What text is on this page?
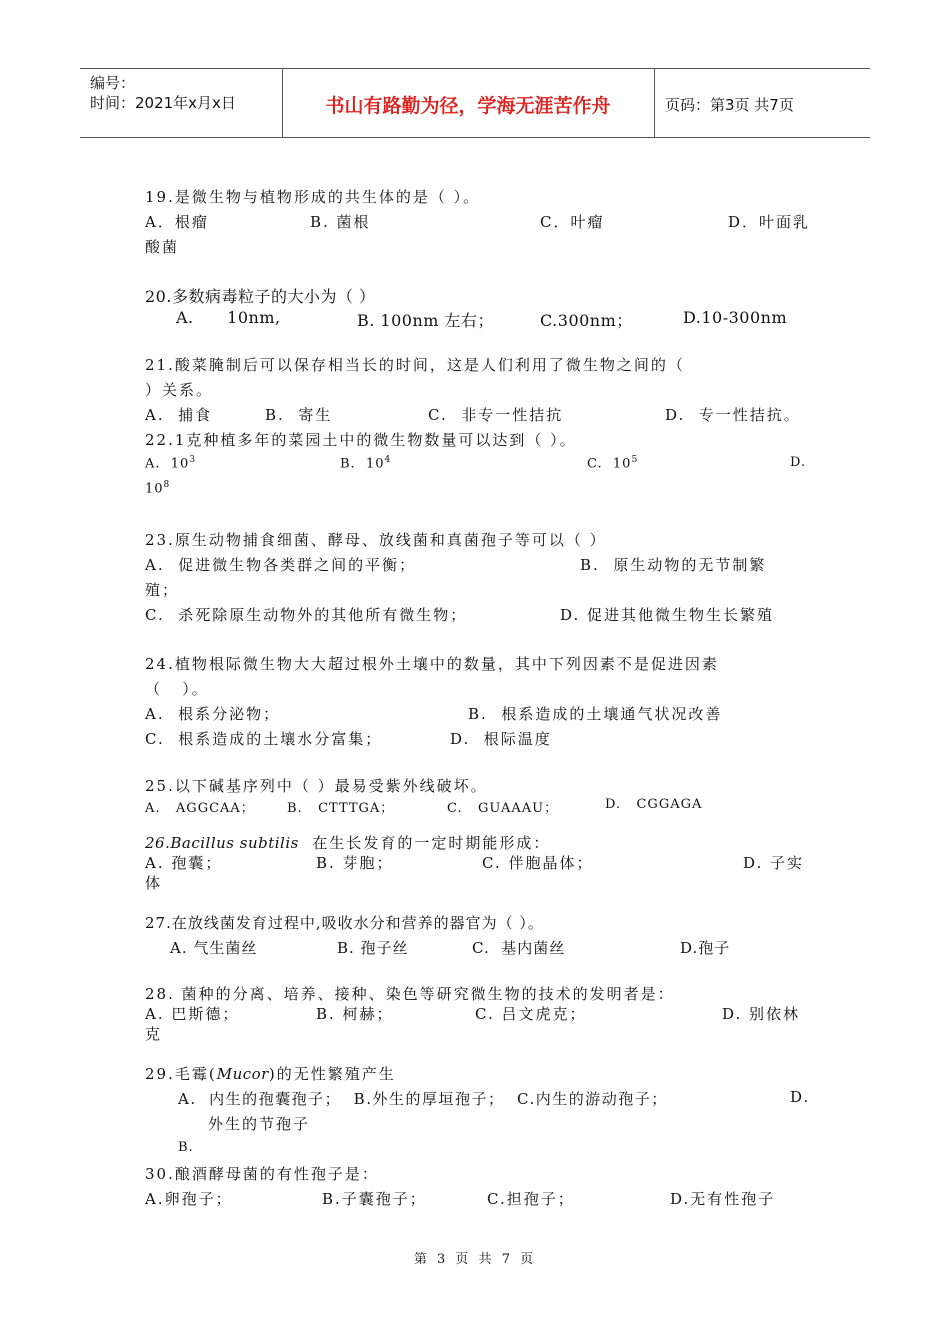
编号：
时间：2021年x月x日	书山有路勤为径，学海无涯苦作舟	页码：第3页 共7页
19.是微生物与植物形成的共生体的是（ ）。
A．根瘤	B. 菌根	C．叶瘤	D．叶面乳
酸菌
20.多数病毒粒子的大小为（ ）
A.      10nm,	B. 100nm 左右；	C.300nm；	D.10-300nm
21.酸菜腌制后可以保存相当长的时间，这是人们利用了微生物之间的（
）关系。
A.  捕食	B.  寄生	C.  非专一性拮抗	D.  专一性拮抗。
22.1克种植多年的菜园土中的微生物数量可以达到（ ）。
A.  $10^3$	B.  $10^4$	C.  $10^5$	D.
$10^8$
23.原生动物捕食细菌、酵母、放线菌和真菌孢子等可以（ ）
A.  促进微生物各类群之间的平衡；	B.  原生动物的无节制繁
殖；
C.  杀死除原生动物外的其他所有微生物；	D. 促进其他微生物生长繁殖
24.植物根际微生物大大超过根外土壤中的数量，其中下列因素不是促进因素
（   ）。
A.  根系分泌物；	B.  根系造成的土壤通气状况改善
C.  根系造成的土壤水分富集；	D.  根际温度
25.以下碱基序列中（ ）最易受紫外线破坏。
A.   AGGCAA； B.   CTTTGA；	C.   GUAAAU；	D.   CGGAGA
26.Bacillus subtilis 在生长发育的一定时期能形成：
A. 孢囊；	B. 芽胞；	C. 伴胞晶体；	D. 子实
体
27.在放线菌发育过程中,吸收水分和营养的器官为（ ）。
A. 气生菌丝	B. 孢子丝	C.  基内菌丝	D.孢子
28. 菌种的分离、培养、接种、染色等研究微生物的技术的发明者是：
A. 巴斯德；	B. 柯赫；	C. 吕文虎克；	D. 别依林
克
29.毛霉(Mucor)的无性繁殖产生
A.  内生的孢囊孢子；  B.外生的厚垣孢子；  C.内生的游动孢子；	D.
外生的节孢子
B.
30.酿酒酵母菌的有性孢子是：
A.卵孢子；	B.子囊孢子；	C.担孢子；	D.无有性孢子
第 3 页 共 7 页
